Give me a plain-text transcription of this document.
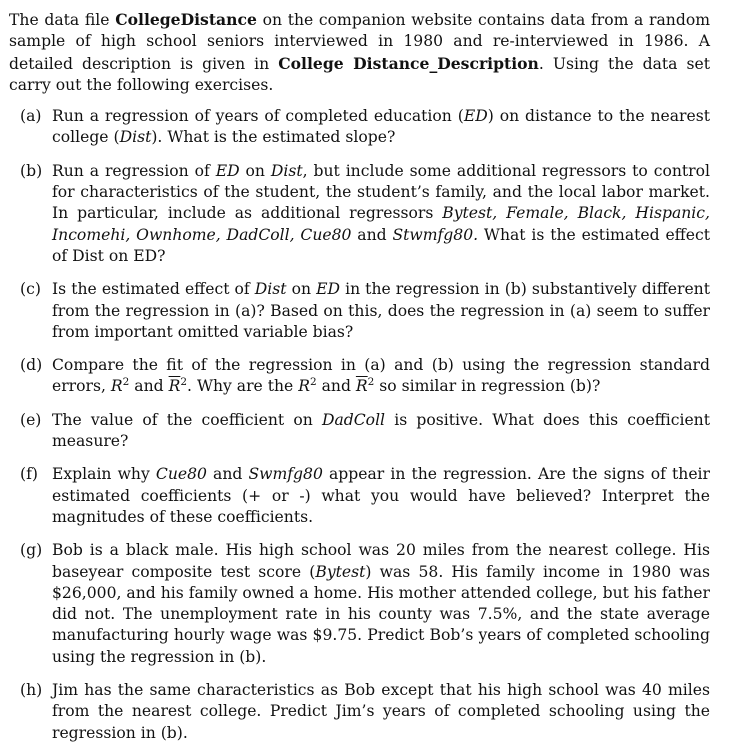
The data file CollegeDistance on the companion website contains data from a random sample of high school seniors interviewed in 1980 and re-interviewed in 1986. A detailed description is given in College Distance_Description. Using the data set carry out the following exercises.

(a) Run a regression of years of completed education (ED) on distance to the nearest college (Dist). What is the estimated slope?
(b) Run a regression of ED on Dist, but include some additional regressors to control for characteristics of the student, the student’s family, and the local labor market. In particular, include as additional regressors Bytest, Female, Black, Hispanic, Incomehi, Ownhome, DadColl, Cue80 and Stwmfg80. What is the estimated effect of Dist on ED?
(c) Is the estimated effect of Dist on ED in the regression in (b) substantively different from the regression in (a)? Based on this, does the regression in (a) seem to suffer from important omitted variable bias?
(d) Compare the fit of the regression in (a) and (b) using the regression standard errors, $R^2$ and $\overline{R}^2$. Why are the $R^2$ and $\overline{R}^2$ so similar in regression (b)?
(e) The value of the coefficient on DadColl is positive. What does this coefficient measure?
(f) Explain why Cue80 and Swmfg80 appear in the regression. Are the signs of their estimated coefficients (+ or -) what you would have believed? Interpret the magnitudes of these coefficients.
(g) Bob is a black male. His high school was 20 miles from the nearest college. His baseyear composite test score (Bytest) was 58. His family income in 1980 was $26,000, and his family owned a home. His mother attended college, but his father did not. The unemployment rate in his county was 7.5%, and the state average manufacturing hourly wage was $9.75. Predict Bob’s years of completed schooling using the regression in (b).
(h) Jim has the same characteristics as Bob except that his high school was 40 miles from the nearest college. Predict Jim’s years of completed schooling using the regression in (b).
